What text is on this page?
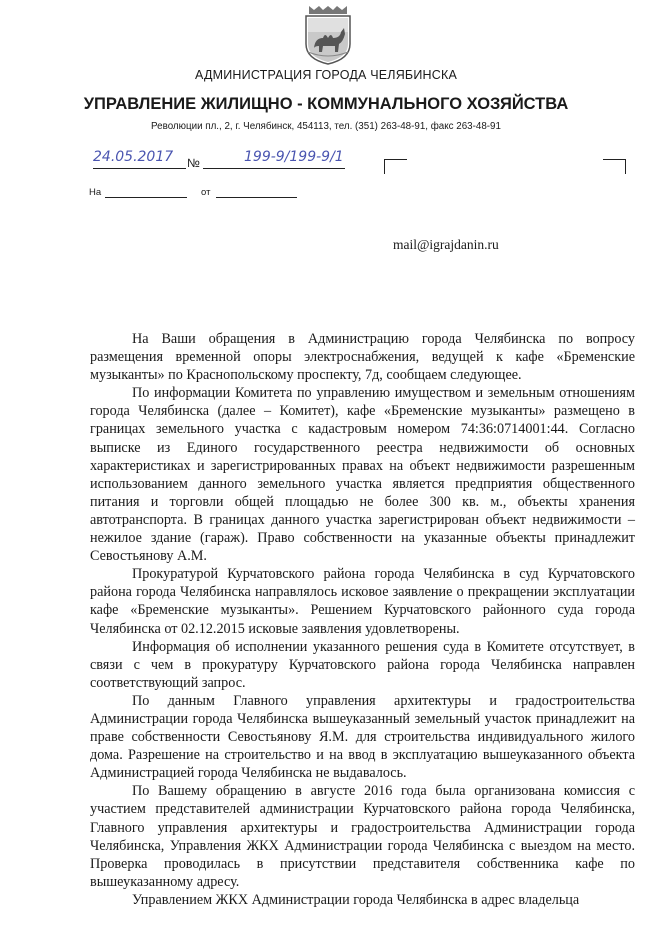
АДМИНИСТРАЦИЯ ГОРОДА ЧЕЛЯБИНСКА
УПРАВЛЕНИЕ ЖИЛИЩНО - КОММУНАЛЬНОГО ХОЗЯЙСТВА
Революции пл., 2, г. Челябинск, 454113, тел. (351) 263-48-91, факс 263-48-91
24.05.2017 №	199-9/199-9/1
На	от
mail@igrajdanin.ru

На Ваши обращения в Администрацию города Челябинска по вопросу размещения временной опоры электроснабжения, ведущей к кафе «Бременские музыканты» по Краснопольскому проспекту, 7д, сообщаем следующее.

По информации Комитета по управлению имуществом и земельным отношениям города Челябинска (далее – Комитет), кафе «Бременские музыканты» размещено в границах земельного участка с кадастровым номером 74:36:0714001:44. Согласно выписке из Единого государственного реестра недвижимости об основных характеристиках и зарегистрированных правах на объект недвижимости разрешенным использованием данного земельного участка является предприятия общественного питания и торговли общей площадью не более 300 кв. м., объекты хранения автотранспорта. В границах данного участка зарегистрирован объект недвижимости – нежилое здание (гараж). Право собственности на указанные объекты принадлежит Севостьянову А.М.

Прокуратурой Курчатовского района города Челябинска в суд Курчатовского района города Челябинска направлялось исковое заявление о прекращении эксплуатации кафе «Бременские музыканты». Решением Курчатовского районного суда города Челябинска от 02.12.2015 исковые заявления удовлетворены.

Информация об исполнении указанного решения суда в Комитете отсутствует, в связи с чем в прокуратуру Курчатовского района города Челябинска направлен соответствующий запрос.

По данным Главного управления архитектуры и градостроительства Администрации города Челябинска вышеуказанный земельный участок принадлежит на праве собственности Севостьянову Я.М. для строительства индивидуального жилого дома. Разрешение на строительство и на ввод в эксплуатацию вышеуказанного объекта Администрацией города Челябинска не выдавалось.

По Вашему обращению в августе 2016 года была организована комиссия с участием представителей администрации Курчатовского района города Челябинска, Главного управления архитектуры и градостроительства Администрации города Челябинска, Управления ЖКХ Администрации города Челябинска с выездом на место. Проверка проводилась в присутствии представителя собственника кафе по вышеуказанному адресу.

Управлением ЖКХ Администрации города Челябинска в адрес владельца
